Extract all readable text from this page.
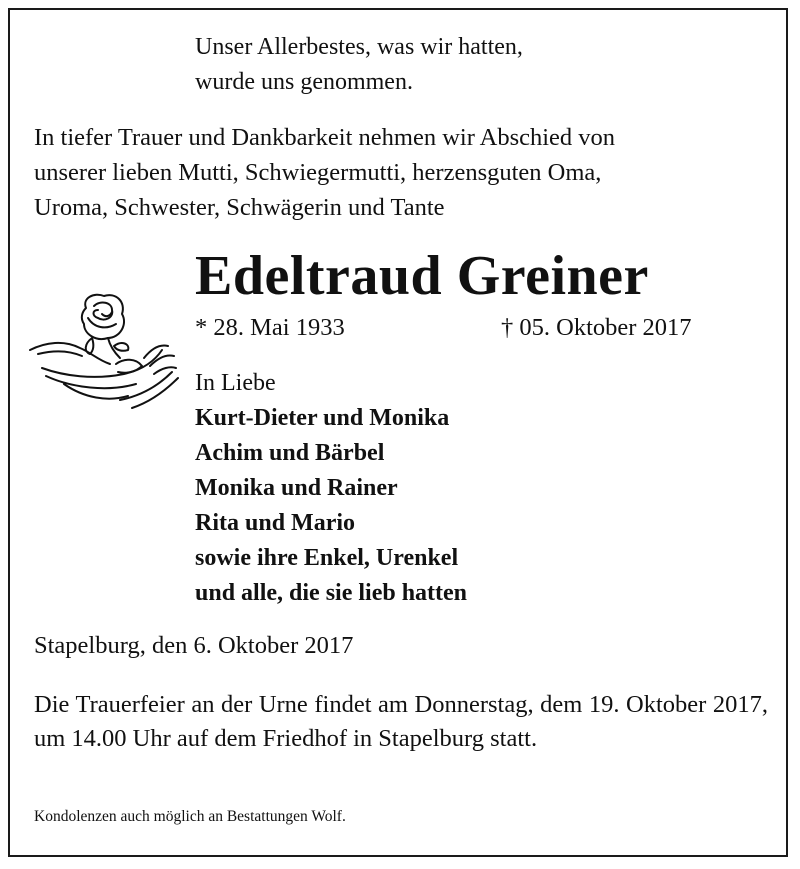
Unser Allerbestes, was wir hatten,

wurde uns genommen.

In tiefer Trauer und Dankbarkeit nehmen wir Abschied von

unserer lieben Mutti, Schwiegermutti, herzensguten Oma,

Uroma, Schwester, Schwägerin und Tante

Edeltraud Greiner

* 28. Mai 1933	† 05. Oktober 2017

In Liebe

Kurt-Dieter und Monika

Achim und Bärbel

Monika und Rainer

Rita und Mario

sowie ihre Enkel, Urenkel

und alle, die sie lieb hatten

Stapelburg, den 6. Oktober 2017

Die Trauerfeier an der Urne findet am Donnerstag, dem 19. Oktober 2017, um 14.00 Uhr auf dem Friedhof in Stapelburg statt.

Kondolenzen auch möglich an Bestattungen Wolf.
